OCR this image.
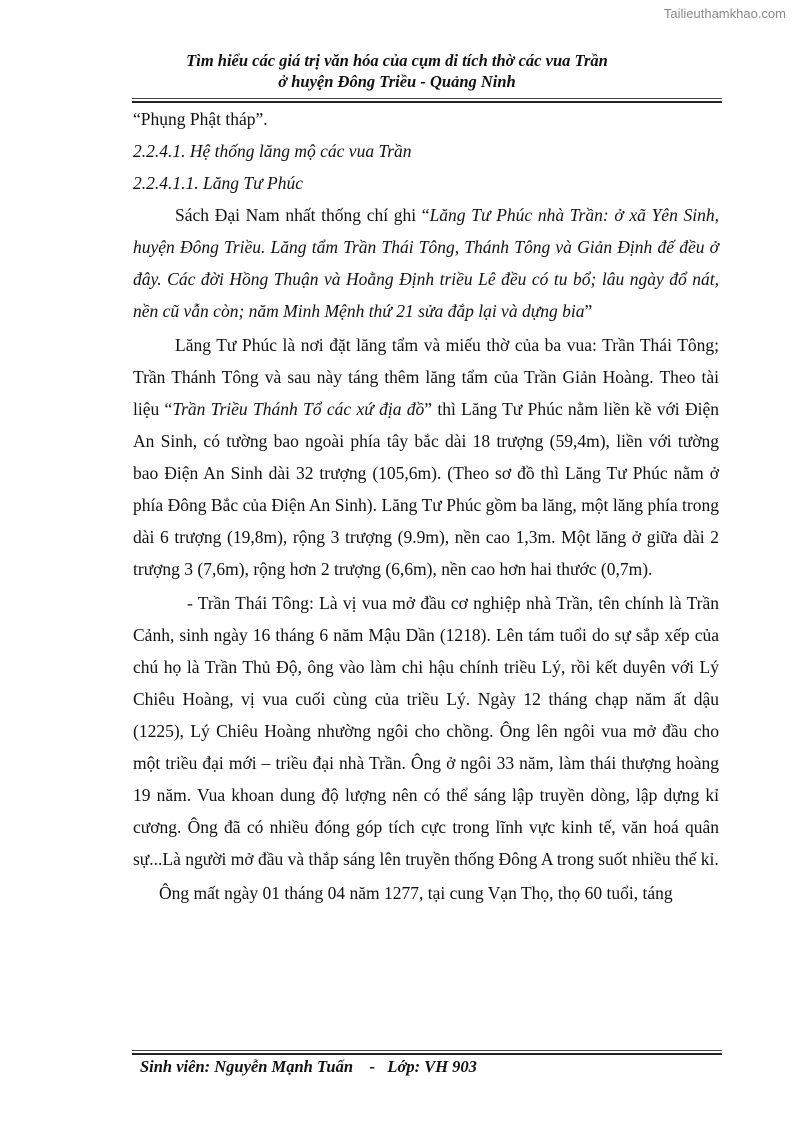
Tailieuthamkhao.com
Tìm hiểu các giá trị văn hóa của cụm di tích thờ các vua Trần
ở huyện Đông Triều - Quảng Ninh

“Phụng Phật tháp”.

2.2.4.1. Hệ thống lăng mộ các vua Trần

2.2.4.1.1. Lăng Tư Phúc

Sách Đại Nam nhất thống chí ghi “Lăng Tư Phúc nhà Trần: ở xã Yên Sinh, huyện Đông Triều. Lăng tẩm Trần Thái Tông, Thánh Tông và Giản Định đế đều ở đây. Các đời Hồng Thuận và Hoằng Định triều Lê đều có tu bổ; lâu ngày đổ nát, nền cũ vẫn còn; năm Minh Mệnh thứ 21 sửa đắp lại và dựng bia”

Lăng Tư Phúc là nơi đặt lăng tẩm và miếu thờ của ba vua: Trần Thái Tông; Trần Thánh Tông và sau này táng thêm lăng tẩm của Trần Giản Hoàng. Theo tài liệu “Trần Triều Thánh Tổ các xứ địa đồ” thì Lăng Tư Phúc nằm liền kề với Điện An Sinh, có tường bao ngoài phía tây bắc dài 18 trượng (59,4m), liền với tường bao Điện An Sinh dài 32 trượng (105,6m). (Theo sơ đồ thì Lăng Tư Phúc nằm ở phía Đông Bắc của Điện An Sinh). Lăng Tư Phúc gồm ba lăng, một lăng phía trong dài 6 trượng (19,8m), rộng 3 trượng (9.9m), nền cao 1,3m. Một lăng ở giữa dài 2 trượng 3 (7,6m), rộng hơn 2 trượng (6,6m), nền cao hơn hai thước (0,7m).

- Trần Thái Tông: Là vị vua mở đầu cơ nghiệp nhà Trần, tên chính là Trần Cảnh, sinh ngày 16 tháng 6 năm Mậu Dần (1218). Lên tám tuổi do sự sắp xếp của chú họ là Trần Thủ Độ, ông vào làm chi hậu chính triều Lý, rồi kết duyên với Lý Chiêu Hoàng, vị vua cuối cùng của triều Lý. Ngày 12 tháng chạp năm ất dậu (1225), Lý Chiêu Hoàng nhường ngôi cho chồng. Ông lên ngôi vua mở đầu cho một triều đại mới – triều đại nhà Trần. Ông ở ngôi 33 năm, làm thái thượng hoàng 19 năm. Vua khoan dung độ lượng nên có thể sáng lập truyền dòng, lập dựng kỉ cương. Ông đã có nhiều đóng góp tích cực trong lĩnh vực kinh tế, văn hoá quân sự...Là người mở đầu và thắp sáng lên truyền thống Đông A trong suốt nhiều thế kỉ.

Ông mất ngày 01 tháng 04 năm 1277, tại cung Vạn Thọ, thọ 60 tuổi, táng

Sinh viên: Nguyễn Mạnh Tuấn    -   Lớp: VH 903
